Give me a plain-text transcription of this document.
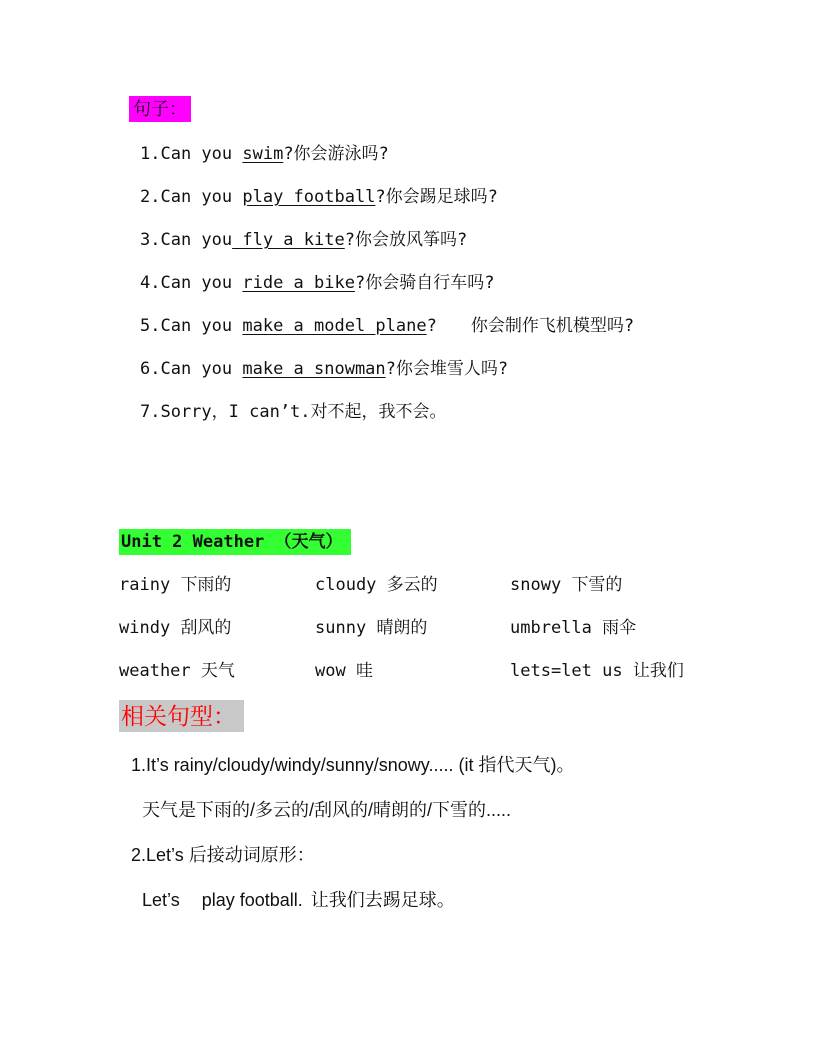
句子：
1.Can you swim?你会游泳吗?
2.Can you play football?你会踢足球吗?
3.Can you fly a kite?你会放风筝吗?
4.Can you ride a bike?你会骑自行车吗?
5.Can you make a model plane? 你会制作飞机模型吗?
6.Can you make a snowman?你会堆雪人吗?
7.Sorry，I can’t.对不起，我不会。
Unit 2 Weather （天气）
rainy 下雨的	cloudy 多云的	snowy 下雪的
windy 刮风的	sunny 晴朗的	umbrella 雨伞
weather 天气	wow 哇	lets=let us 让我们
相关句型：
1.It’s rainy/cloudy/windy/sunny/snowy..... (it 指代天气)。
天气是下雨的/多云的/刮风的/晴朗的/下雪的.....
2.Let’s 后接动词原形：
Let’s play football. 让我们去踢足球。
